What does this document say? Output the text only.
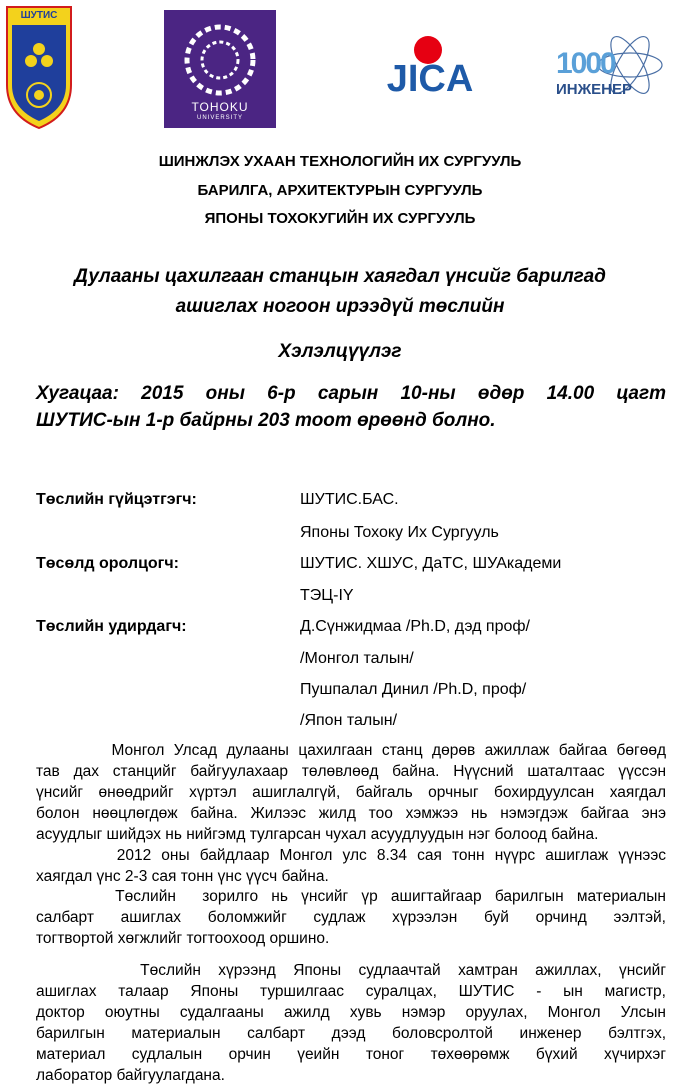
ШУТИС
TOHOKU
UNIVERSITY
JICA	1000
ИНЖЕНЕР
ШИНЖЛЭХ УХААН ТЕХНОЛОГИЙН ИХ СУРГУУЛЬ
БАРИЛГА, АРХИТЕКТУРЫН СУРГУУЛЬ
ЯПОНЫ ТОХОКУГИЙН ИХ СУРГУУЛЬ
Дулааны цахилгаан станцын хаягдал үнсийг барилгад
ашиглах ногоон ирээдүй төслийн
Хэлэлцүүлэг
Хугацаа: 2015 оны 6-р сарын 10-ны өдөр 14.00 цагт
ШУТИС-ын 1-р байрны 203 тоот өрөөнд болно.
Төслийн гүйцэтгэгч:	ШУТИС.БАС.
Японы Тохоку Их Сургууль
Төсөлд оролцогч:	ШУТИС. ХШУС, ДаТС, ШУАкадеми
ТЭЦ-IY
Төслийн удирдагч:	Д.Сүнжидмаа /Ph.D, дэд проф/
/Монгол талын/
Пушпалал Динил /Ph.D, проф/
/Япон талын/
Монгол Улсад дулааны цахилгаан станц дөрөв ажиллаж байгаа бөгөөд
тав дах станцийг байгуулахаар төлөвлөөд байна. Нүүсний шаталтаас үүссэн
үнсийг өнөөдрийг хүртэл ашиглалгүй, байгаль орчныг бохирдуулсан хаягдал
болон нөөцлөгдөж байна. Жилээс жилд тоо хэмжээ нь нэмэгдэж байгаа энэ
асуудлыг шийдэх нь нийгэмд тулгарсан чухал асуудлуудын нэг болоод байна.
2012 оны байдлаар Монгол улс 8.34 сая тонн нүүрс ашиглаж үүнээс
хаягдал үнс 2-3 сая тонн үнс үүсч байна.
Төслийн  зорилго нь үнсийг үр ашигтайгаар барилгын материалын
салбарт ашиглах боломжийг судлаж хүрээлэн буй орчинд ээлтэй,
тогтвортой хөгжлийг тогтоохоод оршино.
Төслийн хүрээнд Японы судлаачтай хамтран ажиллах, үнсийг
ашиглах талаар Японы туршилгаас суралцах, ШУТИС - ын магистр,
доктор оюутны судалгааны ажилд хувь нэмэр оруулах, Монгол Улсын
барилгын материалын салбарт дээд боловсролтой инженер бэлтгэх,
материал судлалын орчин үеийн тоног төхөөрөмж бүхий хүчирхэг
лаборатор байгуулагдана.
